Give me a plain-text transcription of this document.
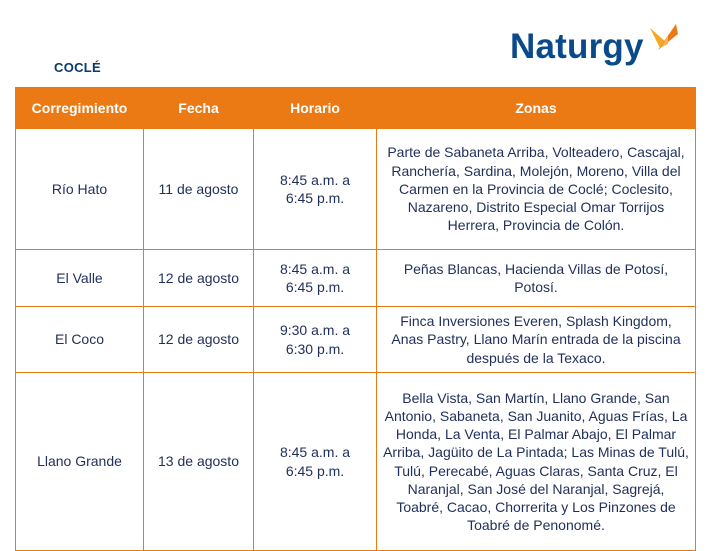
COCLÉ
Naturgy
Corregimiento	Fecha	Horario	Zonas
Río Hato	11 de agosto	8:45 a.m. a 6:45 p.m.	Parte de Sabaneta Arriba, Volteadero, Cascajal, Ranchería, Sardina, Molejón, Moreno, Villa del Carmen en la Provincia de Coclé; Coclesito, Nazareno, Distrito Especial Omar Torrijos Herrera, Provincia de Colón.
El Valle	12 de agosto	8:45 a.m. a 6:45 p.m.	Peñas Blancas, Hacienda Villas de Potosí, Potosí.
El Coco	12 de agosto	9:30 a.m. a 6:30 p.m.	Finca Inversiones Everen, Splash Kingdom, Anas Pastry, Llano Marín entrada de la piscina después de la Texaco.
Llano Grande	13 de agosto	8:45 a.m. a 6:45 p.m.	Bella Vista, San Martín, Llano Grande, San Antonio, Sabaneta, San Juanito, Aguas Frías, La Honda, La Venta, El Palmar Abajo, El Palmar Arriba, Jagüito de La Pintada; Las Minas de Tulú, Tulú, Perecabé, Aguas Claras, Santa Cruz, El Naranjal, San José del Naranjal, Sagrejá, Toabré, Cacao, Chorrerita y Los Pinzones de Toabré de Penonomé.
